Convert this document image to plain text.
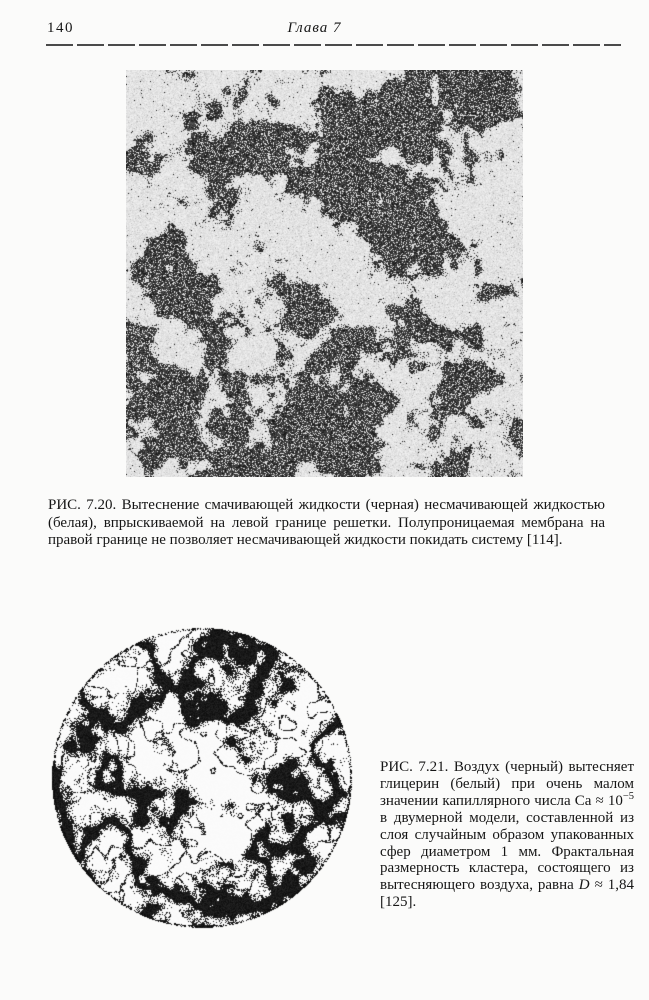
140	Глава 7

РИС. 7.20. Вытеснение смачивающей жидкости (черная) несмачивающей жидкостью (белая), впрыскиваемой на левой границе решетки. Полупроницаемая мембрана на правой границе не позволяет несмачивающей жидкости покидать систему [114].

РИС. 7.21. Воздух (черный) вытесняет глицерин (белый) при очень малом значении капиллярного числа $Ca \approx 10^{-5}$ в двумерной модели, составленной из слоя случайным образом упакованных сфер диаметром 1 мм. Фрактальная размерность кластера, состоящего из вытесняющего воздуха, равна D ≈ 1,84 [125].
